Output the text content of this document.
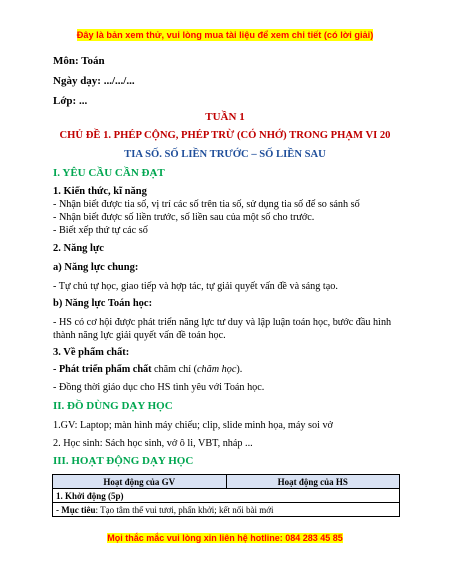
Đây là bản xem thử, vui lòng mua tài liệu để xem chi tiết (có lời giải)
Môn: Toán
Ngày dạy: .../.../...
Lớp: ...
TUẦN 1
CHỦ ĐỀ 1. PHÉP CỘNG, PHÉP TRỪ (CÓ NHỚ) TRONG PHẠM VI 20
TIA SỐ. SỐ LIỀN TRƯỚC – SỐ LIỀN SAU
I. YÊU CẦU CẦN ĐẠT
1. Kiến thức, kĩ năng
- Nhận biết được tia số, vị trí các số trên tia số, sử dụng tia số để so sánh số
- Nhận biết được số liền trước, số liền sau của một số cho trước.
- Biết xếp thứ tự các số
2. Năng lực
a) Năng lực chung:
- Tự chủ tự học, giao tiếp và hợp tác, tự giải quyết vấn đề và sáng tạo.
b) Năng lực Toán học:
- HS có cơ hội được phát triển năng lực tư duy và lập luận toán học, bước đầu hình thành năng lực giải quyết vấn đề toán học.
3. Về phẩm chất:
- Phát triển phẩm chất chăm chỉ (chăm học).
- Đồng thời giáo dục cho HS tình yêu với Toán học.
II. ĐỒ DÙNG DẠY HỌC
1.GV: Laptop; màn hình máy chiếu; clip, slide minh họa, máy soi vở
2. Học sinh: Sách học sinh, vở ô li, VBT, nháp ...
III. HOẠT ĐỘNG DẠY HỌC
Hoạt động của GV	Hoạt động của HS
1. Khởi động (5p)
- Mục tiêu: Tạo tâm thế vui tươi, phấn khởi; kết nối bài mới
Mọi thắc mắc vui lòng xin liên hệ hotline: 084 283 45 85
